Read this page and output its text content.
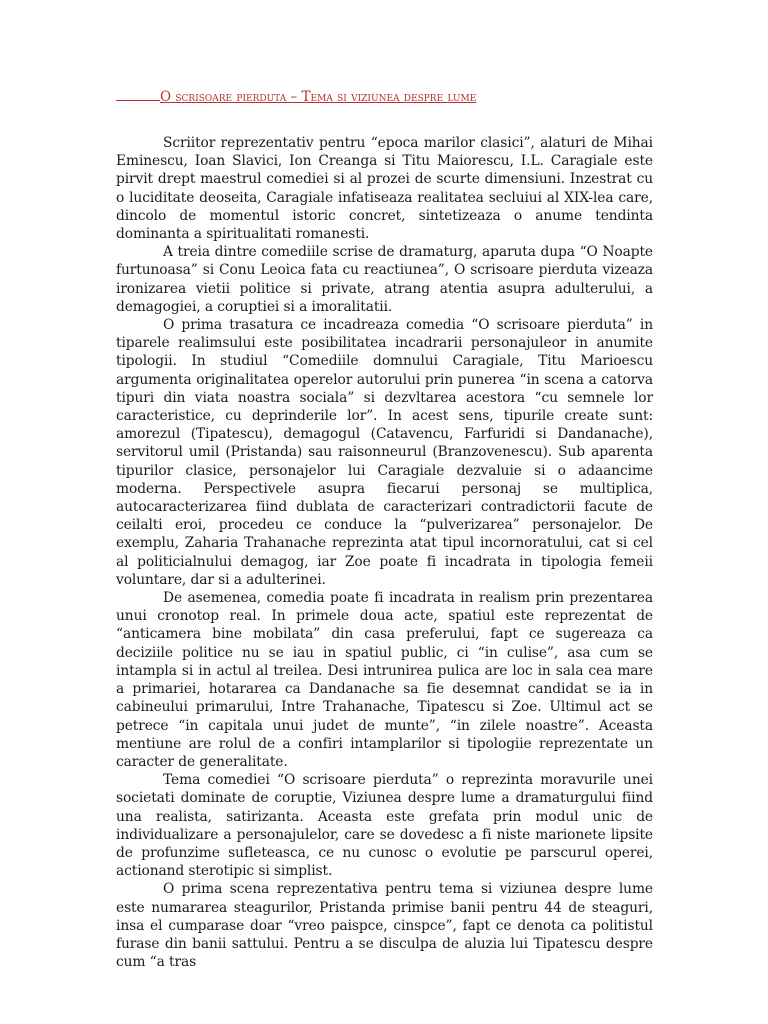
O scrisoare pierduta – Tema si viziunea despre lume

Scriitor reprezentativ pentru “epoca marilor clasici”, alaturi de Mihai Eminescu, Ioan Slavici, Ion Creanga si Titu Maiorescu, I.L. Caragiale este pirvit drept maestrul comediei si al prozei de scurte dimensiuni. Inzestrat cu o luciditate deoseita, Caragiale infatiseaza realitatea secluiui al XIX-lea care, dincolo de momentul istoric concret, sintetizeaza o anume tendinta dominanta a spiritualitati romanesti.

A treia dintre comediile scrise de dramaturg, aparuta dupa “O Noapte furtunoasa” si Conu Leoica fata cu reactiunea”, O scrisoare pierduta vizeaza ironizarea vietii politice si private, atrang atentia asupra adulterului, a demagogiei, a coruptiei si a imoralitatii.

O prima trasatura ce incadreaza comedia “O scrisoare pierduta” in tiparele realimsului este posibilitatea incadrarii personajuleor in anumite tipologii. In studiul “Comediile domnului Caragiale, Titu Marioescu argumenta originalitatea operelor autorului prin punerea “in scena a catorva tipuri din viata noastra sociala” si dezvltarea acestora “cu semnele lor caracteristice, cu deprinderile lor”. In acest sens, tipurile create sunt: amorezul (Tipatescu), demagogul (Catavencu, Farfuridi si Dandanache), servitorul umil (Pristanda) sau raisonneurul (Branzovenescu). Sub aparenta tipurilor clasice, personajelor lui Caragiale dezvaluie si o adaancime moderna. Perspectivele asupra fiecarui personaj se multiplica, autocaracterizarea fiind dublata de caracterizari contradictorii facute de ceilalti eroi, procedeu ce conduce la “pulverizarea” personajelor. De exemplu, Zaharia Trahanache reprezinta atat tipul incornoratului, cat si cel al politicialnului demagog, iar Zoe poate fi incadrata in tipologia femeii voluntare, dar si a adulterinei.

De asemenea, comedia poate fi incadrata in realism prin prezentarea unui cronotop real. In primele doua acte, spatiul este reprezentat de “anticamera bine mobilata” din casa preferului, fapt ce sugereaza ca deciziile politice nu se iau in spatiul public, ci “in culise”, asa cum se intampla si in actul al treilea. Desi intrunirea pulica are loc in sala cea mare a primariei, hotararea ca Dandanache sa fie desemnat candidat se ia in cabineului primarului, Intre Trahanache, Tipatescu si Zoe. Ultimul act se petrece “in capitala unui judet de munte”, “in zilele noastre”. Aceasta mentiune are rolul de a confiri intamplarilor si tipologiie reprezentate un caracter de generalitate.

Tema comediei “O scrisoare pierduta” o reprezinta moravurile unei societati dominate de coruptie, Viziunea despre lume a dramaturgului fiind una realista, satirizanta. Aceasta este grefata prin modul unic de individualizare a personajulelor, care se dovedesc a fi niste marionete lipsite de profunzime sufleteasca, ce nu cunosc o evolutie pe parscurul operei, actionand sterotipic si simplist.

O prima scena reprezentativa pentru tema si viziunea despre lume este numararea steagurilor, Pristanda primise banii pentru 44 de steaguri, insa el cumparase doar “vreo paispce, cinspce”, fapt ce denota ca politistul furase din banii sattului. Pentru a se disculpa de aluzia lui Tipatescu despre cum “a tras
